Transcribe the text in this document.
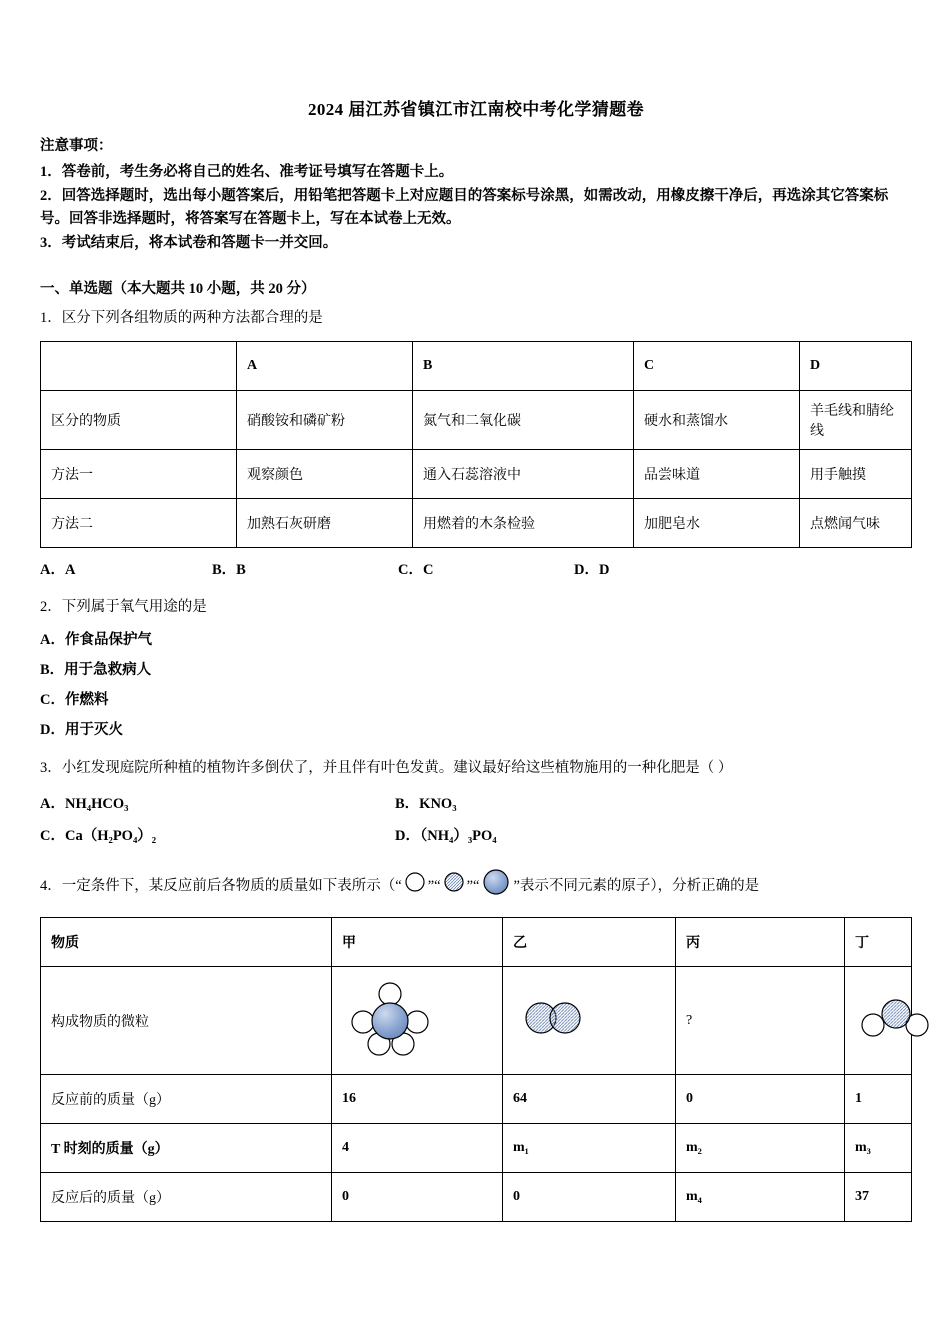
2024 届江苏省镇江市江南校中考化学猜题卷
注意事项：
1．答卷前，考生务必将自己的姓名、准考证号填写在答题卡上。
2．回答选择题时，选出每小题答案后，用铅笔把答题卡上对应题目的答案标号涂黑，如需改动，用橡皮擦干净后，再选涂其它答案标号。回答非选择题时，将答案写在答题卡上，写在本试卷上无效。
3．考试结束后，将本试卷和答题卡一并交回。
一、单选题（本大题共 10 小题，共 20 分）
1．区分下列各组物质的两种方法都合理的是
	A	B	C	D
区分的物质	硝酸铵和磷矿粉	氮气和二氧化碳	硬水和蒸馏水	羊毛线和腈纶线
方法一	观察颜色	通入石蕊溶液中	品尝味道	用手触摸
方法二	加熟石灰研磨	用燃着的木条检验	加肥皂水	点燃闻气味
A．A	B．B	C．C	D．D
2．下列属于氧气用途的是
A．作食品保护气
B．用于急救病人
C．作燃料
D．用于灭火
3．小红发现庭院所种植的植物许多倒伏了，并且伴有叶色发黄。建议最好给这些植物施用的一种化肥是（ ）
A．NH₄HCO₃	B．KNO₃
C．Ca（H₂PO₄）₂	D．（NH₄）₃PO₄
4．一定条件下，某反应前后各物质的质量如下表所示（“ ”“ ”“ ”表示不同元素的原子），分析正确的是
物质	甲	乙	丙	丁
构成物质的微粒			?	
反应前的质量（g）	16	64	0	1
T 时刻的质量（g）	4	m₁	m₂	m₃
反应后的质量（g）	0	0	m₄	37
